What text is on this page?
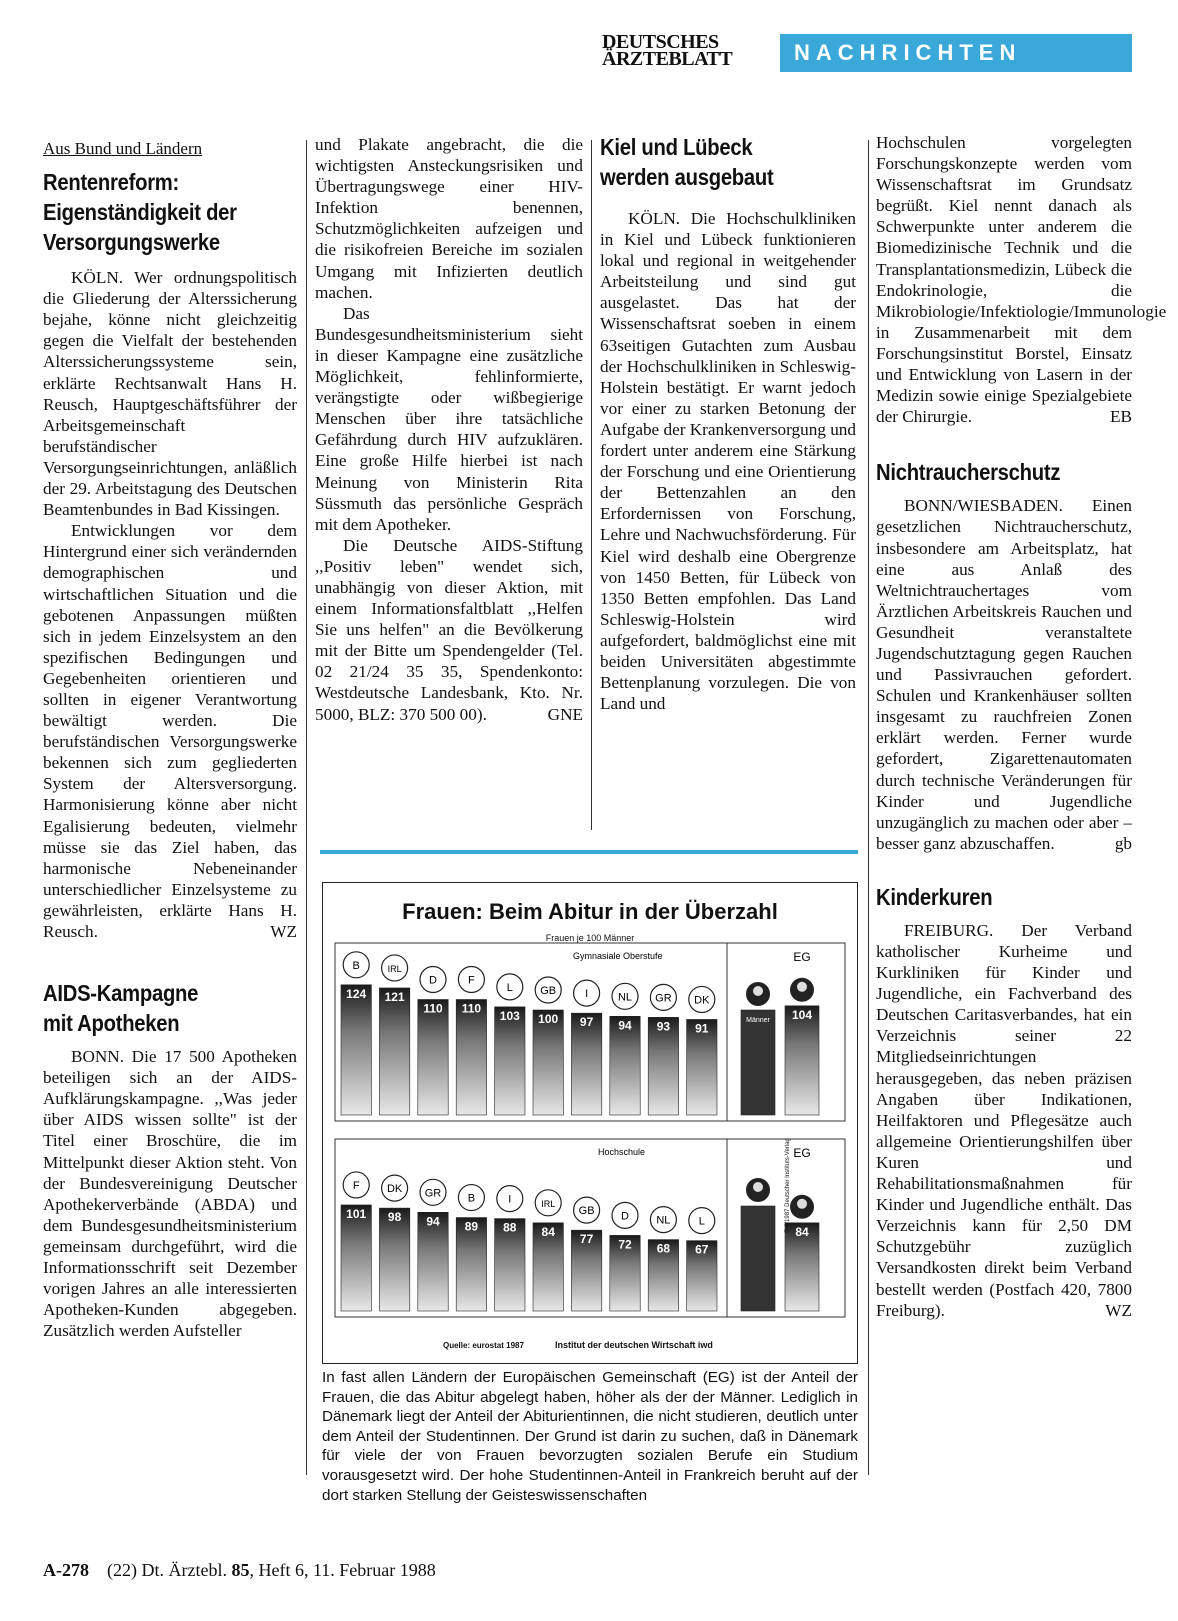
DEUTSCHES
ÄRZTEBLATT	NACHRICHTEN
Aus Bund und Ländern
Rentenreform:
Eigenständigkeit der
Versorgungswerke

KÖLN. Wer ordnungspolitisch die Gliederung der Alterssicherung bejahe, könne nicht gleichzeitig gegen die Vielfalt der bestehenden Alterssicherungssysteme sein, erklärte Rechtsanwalt Hans H. Reusch, Hauptgeschäftsführer der Arbeitsgemeinschaft berufständischer Versorgungseinrichtungen, anläßlich der 29. Arbeitstagung des Deutschen Beamtenbundes in Bad Kissingen.

Entwicklungen vor dem Hintergrund einer sich verändernden demographischen und wirtschaftlichen Situation und die gebotenen Anpassungen müßten sich in jedem Einzelsystem an den spezifischen Bedingungen und Gegebenheiten orientieren und sollten in eigener Verantwortung bewältigt werden. Die berufständischen Versorgungswerke bekennen sich zum gegliederten System der Altersversorgung. Harmonisierung könne aber nicht Egalisierung bedeuten, vielmehr müsse sie das Ziel haben, das harmonische Nebeneinander unterschiedlicher Einzelsysteme zu gewährleisten, erklärte Hans H. Reusch.	WZ

AIDS-Kampagne
mit Apotheken

BONN. Die 17 500 Apotheken beteiligen sich an der AIDS-Aufklärungskampagne. ,,Was jeder über AIDS wissen sollte" ist der Titel einer Broschüre, die im Mittelpunkt dieser Aktion steht. Von der Bundesvereinigung Deutscher Apothekerverbände (ABDA) und dem Bundesgesundheitsministerium gemeinsam durchgeführt, wird die Informationsschrift seit Dezember vorigen Jahres an alle interessierten Apotheken-Kunden abgegeben. Zusätzlich werden Aufsteller

und Plakate angebracht, die die wichtigsten Ansteckungsrisiken und Übertragungswege einer HIV-Infektion benennen, Schutzmöglichkeiten aufzeigen und die risikofreien Bereiche im sozialen Umgang mit Infizierten deutlich machen.

Das Bundesgesundheitsministerium sieht in dieser Kampagne eine zusätzliche Möglichkeit, fehlinformierte, verängstigte oder wißbegierige Menschen über ihre tatsächliche Gefährdung durch HIV aufzuklären. Eine große Hilfe hierbei ist nach Meinung von Ministerin Rita Süssmuth das persönliche Gespräch mit dem Apotheker.

Die Deutsche AIDS-Stiftung ,,Positiv leben" wendet sich, unabhängig von dieser Aktion, mit einem Informationsfaltblatt ,,Helfen Sie uns helfen" an die Bevölkerung mit der Bitte um Spendengelder (Tel. 02 21/24 35 35, Spendenkonto: Westdeutsche Landesbank, Kto. Nr. 5000, BLZ: 370 500 00).	GNE

Kiel und Lübeck
werden ausgebaut

KÖLN. Die Hochschulkliniken in Kiel und Lübeck funktionieren lokal und regional in weitgehender Arbeitsteilung und sind gut ausgelastet. Das hat der Wissenschaftsrat soeben in einem 63seitigen Gutachten zum Ausbau der Hochschulkliniken in Schleswig-Holstein bestätigt. Er warnt jedoch vor einer zu starken Betonung der Aufgabe der Krankenversorgung und fordert unter anderem eine Stärkung der Forschung und eine Orientierung der Bettenzahlen an den Erfordernissen von Forschung, Lehre und Nachwuchsförderung. Für Kiel wird deshalb eine Obergrenze von 1450 Betten, für Lübeck von 1350 Betten empfohlen. Das Land Schleswig-Holstein wird aufgefordert, baldmöglichst eine mit beiden Universitäten abgestimmte Bettenplanung vorzulegen. Die von Land und

Hochschulen vorgelegten Forschungskonzepte werden vom Wissenschaftsrat im Grundsatz begrüßt. Kiel nennt danach als Schwerpunkte unter anderem die Biomedizinische Technik und die Transplantationsmedizin, Lübeck die Endokrinologie, die Mikrobiologie/Infektiologie/Immunologie in Zusammenarbeit mit dem Forschungsinstitut Borstel, Einsatz und Entwicklung von Lasern in der Medizin sowie einige Spezialgebiete der Chirurgie.	EB

Nichtraucherschutz

BONN/WIESBADEN. Einen gesetzlichen Nichtraucherschutz, insbesondere am Arbeitsplatz, hat eine aus Anlaß des Weltnichtrauchertages vom Ärztlichen Arbeitskreis Rauchen und Gesundheit veranstaltete Jugendschutztagung gegen Rauchen und Passivrauchen gefordert. Schulen und Krankenhäuser sollten insgesamt zu rauchfreien Zonen erklärt werden. Ferner wurde gefordert, Zigarettenautomaten durch technische Veränderungen für Kinder und Jugendliche unzugänglich zu machen oder aber – besser ganz abzuschaffen.	gb

Kinderkuren

FREIBURG. Der Verband katholischer Kurheime und Kurkliniken für Kinder und Jugendliche, ein Fachverband des Deutschen Caritasverbandes, hat ein Verzeichnis seiner 22 Mitgliedseinrichtungen herausgegeben, das neben präzisen Angaben über Indikationen, Heilfaktoren und Pflegesätze auch allgemeine Orientierungshilfen über Kuren und Rehabilitationsmaßnahmen für Kinder und Jugendliche enthält. Das Verzeichnis kann für 2,50 DM Schutzgebühr zuzüglich Versandkosten direkt beim Verband bestellt werden (Postfach 420, 7800 Freiburg).	WZ

Frauen: Beim Abitur in der Überzahl
Frauen je 100 Männer
Gymnasiale Oberstufe
124
B
121
IRL
110
D
110
F
103
L
100
GB
97
I
94
NL
93
GR
91
DK
Männer 104
EG
Hochschule
101
F
98
DK
94
GR
89
B
88
I
84
IRL
77
GB
72
D
68
NL
67
L
84
EG
Quelle: eurostat 1987	Institut der deutschen Wirtschaft iwd
© 6/1987 Deutscher Instituts-Verlag
In fast allen Ländern der Europäischen Gemeinschaft (EG) ist der Anteil der Frauen, die das Abitur abgelegt haben, höher als der der Männer. Lediglich in Dänemark liegt der Anteil der Abiturientinnen, die nicht studieren, deutlich unter dem Anteil der Studentinnen. Der Grund ist darin zu suchen, daß in Dänemark für viele der von Frauen bevorzugten sozialen Berufe ein Studium vorausgesetzt wird. Der hohe Studentinnen-Anteil in Frankreich beruht auf der dort starken Stellung der Geisteswissenschaften
A-278 (22) Dt. Ärztebl. 85, Heft 6, 11. Februar 1988
